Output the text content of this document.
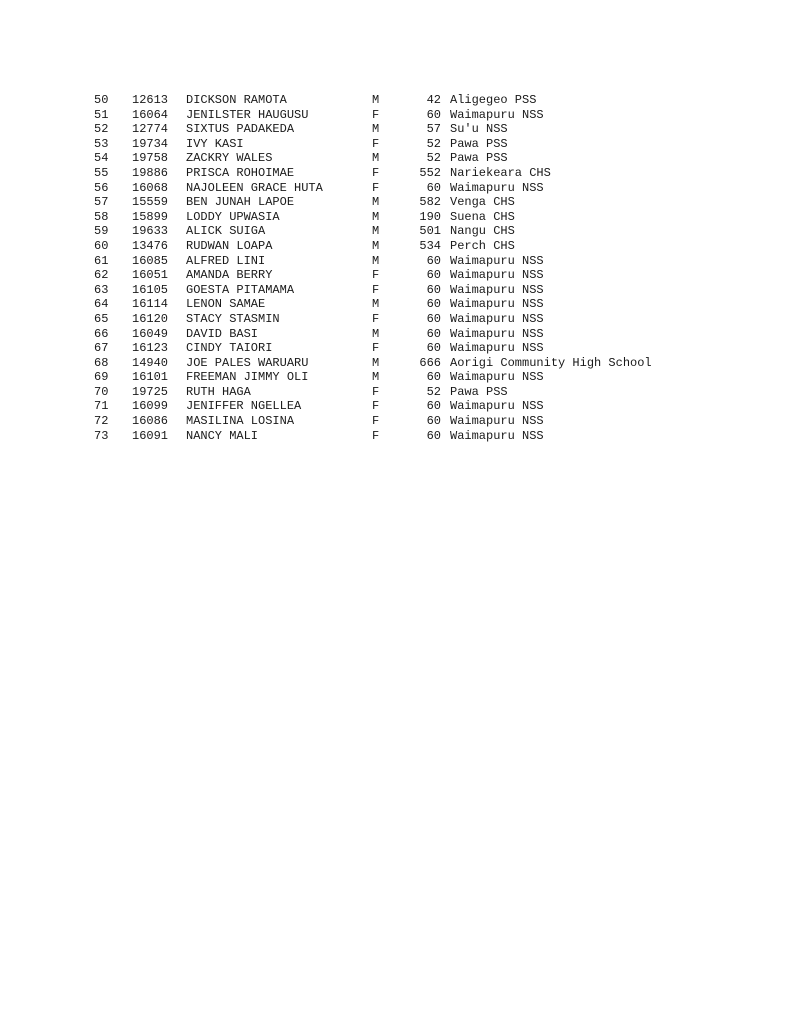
50 12613 DICKSON RAMOTA	M	42 Aligegeo PSS
51 16064 JENILSTER HAUGUSU	F	60 Waimapuru NSS
52 12774 SIXTUS PADAKEDA	M	57 Su'u NSS
53 19734 IVY KASI	F	52 Pawa PSS
54 19758 ZACKRY WALES	M	52 Pawa PSS
55 19886 PRISCA ROHOIMAE	F	552 Nariekeara CHS
56 16068 NAJOLEEN GRACE HUTA	F	60 Waimapuru NSS
57 15559 BEN JUNAH LAPOE	M	582 Venga CHS
58 15899 LODDY UPWASIA	M	190 Suena CHS
59 19633 ALICK SUIGA	M	501 Nangu CHS
60 13476 RUDWAN LOAPA	M	534 Perch CHS
61 16085 ALFRED LINI	M	60 Waimapuru NSS
62 16051 AMANDA BERRY	F	60 Waimapuru NSS
63 16105 GOESTA PITAMAMA	F	60 Waimapuru NSS
64 16114 LENON SAMAE	M	60 Waimapuru NSS
65 16120 STACY STASMIN	F	60 Waimapuru NSS
66 16049 DAVID BASI	M	60 Waimapuru NSS
67 16123 CINDY TAIORI	F	60 Waimapuru NSS
68 14940 JOE PALES WARUARU	M	666 Aorigi Community High School
69 16101 FREEMAN JIMMY OLI	M	60 Waimapuru NSS
70 19725 RUTH HAGA	F	52 Pawa PSS
71 16099 JENIFFER NGELLEA	F	60 Waimapuru NSS
72 16086 MASILINA LOSINA	F	60 Waimapuru NSS
73 16091 NANCY MALI	F	60 Waimapuru NSS
